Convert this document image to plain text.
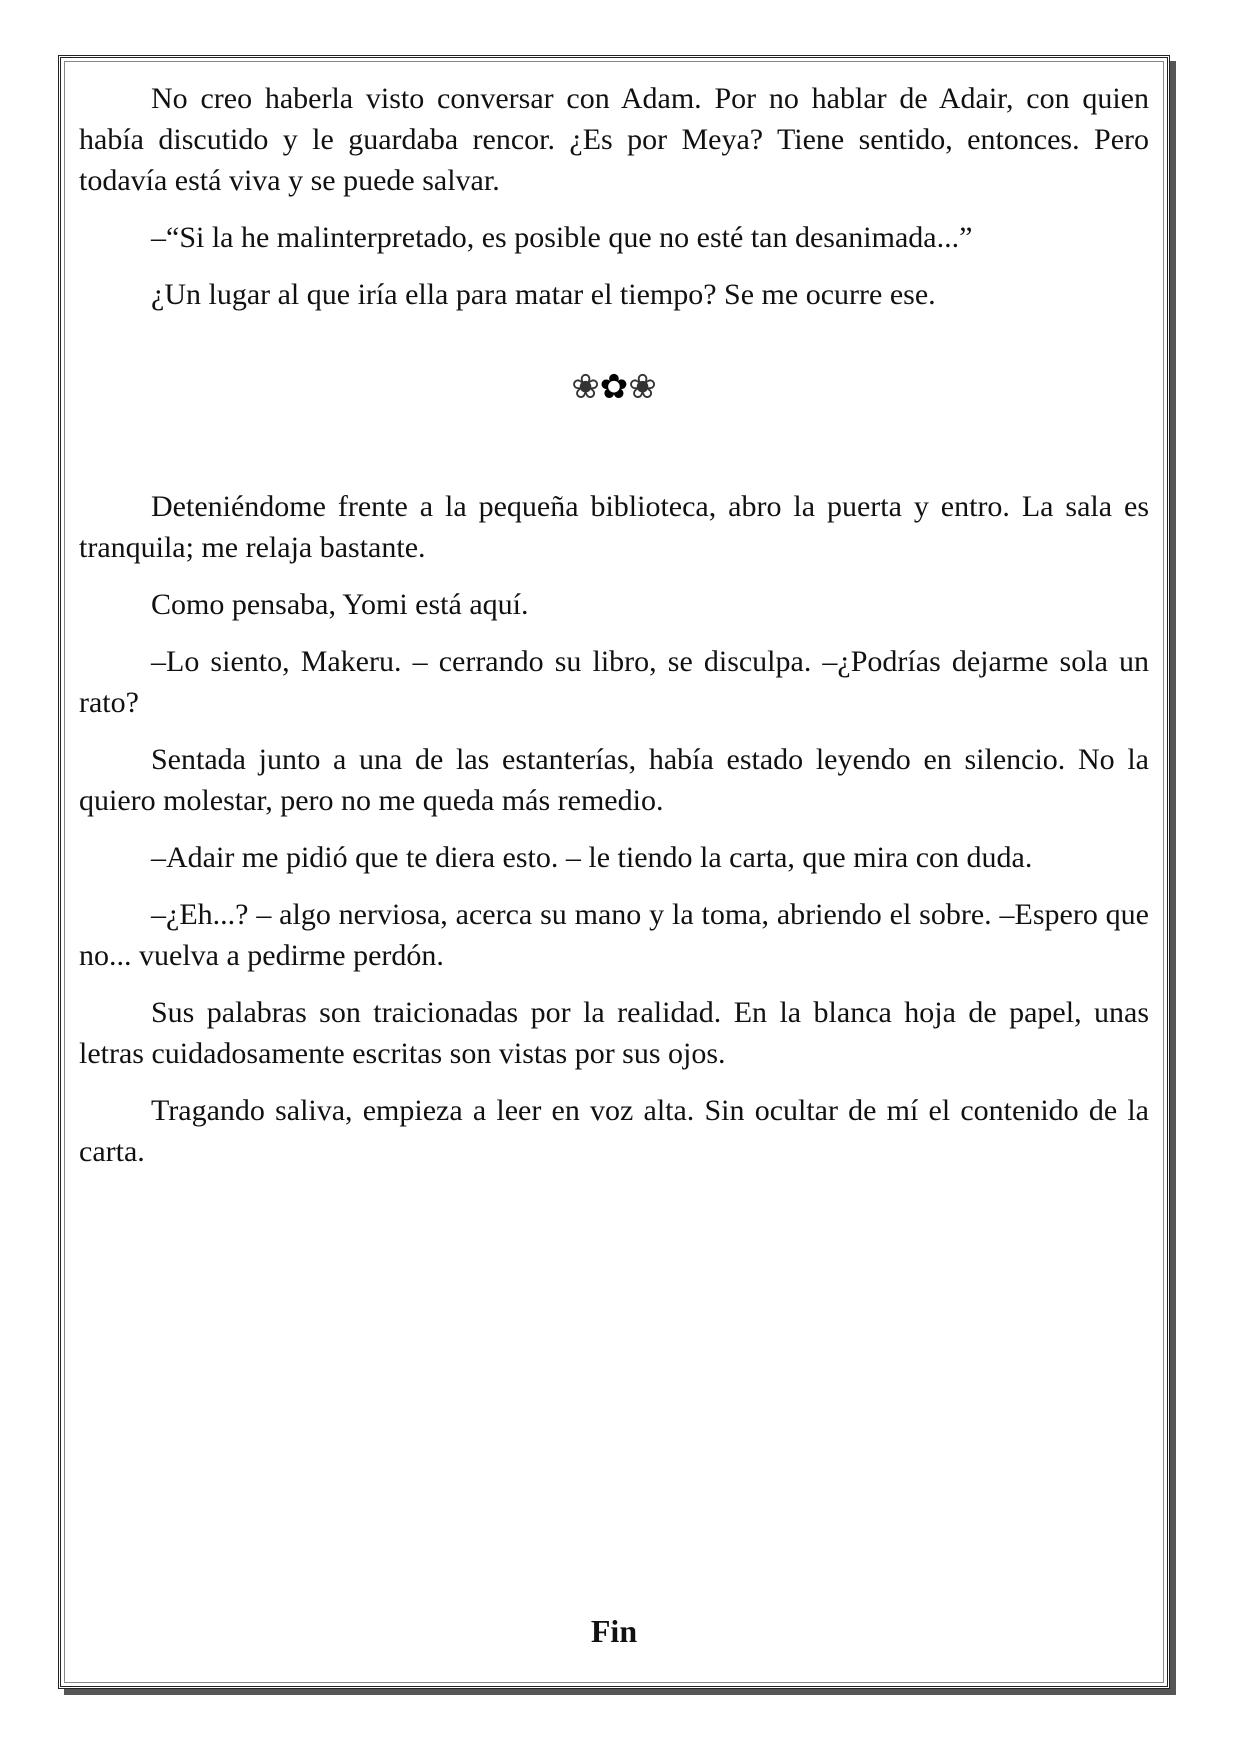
No creo haberla visto conversar con Adam. Por no hablar de Adair, con quien había discutido y le guardaba rencor. ¿Es por Meya? Tiene sentido, entonces. Pero todavía está viva y se puede salvar.

–“Si la he malinterpretado, es posible que no esté tan desanimada...”

¿Un lugar al que iría ella para matar el tiempo? Se me ocurre ese.

❀✿❀

Deteniéndome frente a la pequeña biblioteca, abro la puerta y entro. La sala es tranquila; me relaja bastante.

Como pensaba, Yomi está aquí.

–Lo siento, Makeru. – cerrando su libro, se disculpa. –¿Podrías dejarme sola un rato?

Sentada junto a una de las estanterías, había estado leyendo en silencio. No la quiero molestar, pero no me queda más remedio.

–Adair me pidió que te diera esto. – le tiendo la carta, que mira con duda.

–¿Eh...? – algo nerviosa, acerca su mano y la toma, abriendo el sobre. –Espero que no... vuelva a pedirme perdón.

Sus palabras son traicionadas por la realidad. En la blanca hoja de papel, unas letras cuidadosamente escritas son vistas por sus ojos.

Tragando saliva, empieza a leer en voz alta. Sin ocultar de mí el contenido de la carta.

Fin
